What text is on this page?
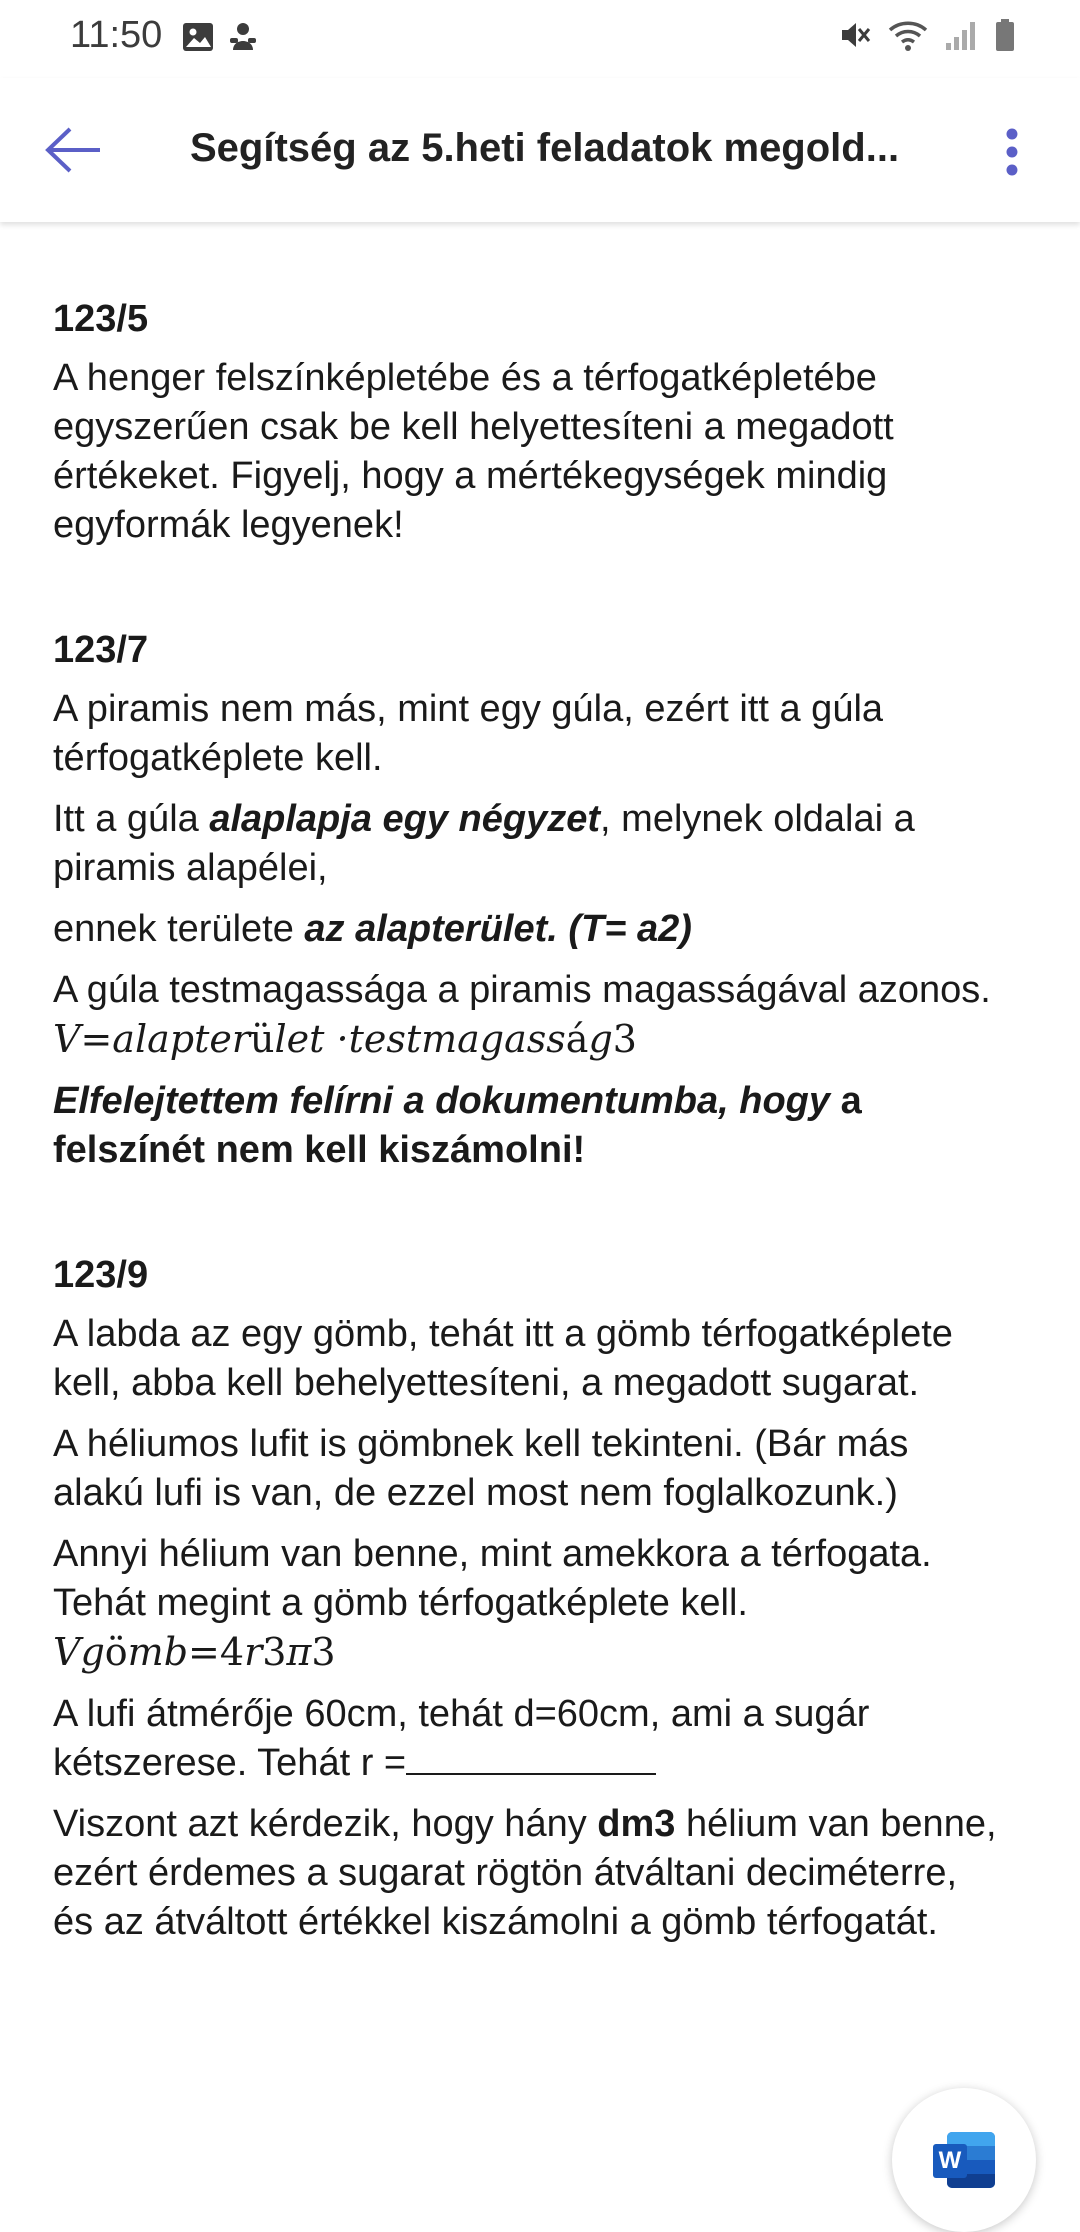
11:50
Segítség az 5.heti feladatok megold...

123/5

A henger felszínképletébe és a térfogatképletébe egyszerűen csak be kell helyettesíteni a megadott értékeket. Figyelj, hogy a mértékegységek mindig egyformák legyenek!

123/7

A piramis nem más, mint egy gúla, ezért itt a gúla térfogatképlete kell.

Itt a gúla alaplapja egy négyzet, melynek oldalai a piramis alapélei,

ennek területe az alapterület. (T= a2)

A gúla testmagassága a piramis magasságával azonos. V=alapterület ·testmagasság3

Elfelejtettem felírni a dokumentumba, hogy a felszínét nem kell kiszámolni!

123/9

A labda az egy gömb, tehát itt a gömb térfogatképlete kell, abba kell behelyettesíteni, a megadott sugarat.

A héliumos lufit is gömbnek kell tekinteni. (Bár más alakú lufi is van, de ezzel most nem foglalkozunk.)

Annyi hélium van benne, mint amekkora a térfogata. Tehát megint a gömb térfogatképlete kell. Vgömb=4r3π3

A lufi átmérője 60cm, tehát d=60cm, ami a sugár kétszerese. Tehát r =

Viszont azt kérdezik, hogy hány dm3 hélium van benne, ezért érdemes a sugarat rögtön átváltani deciméterre, és az átváltott értékkel kiszámolni a gömb térfogatát.

W
